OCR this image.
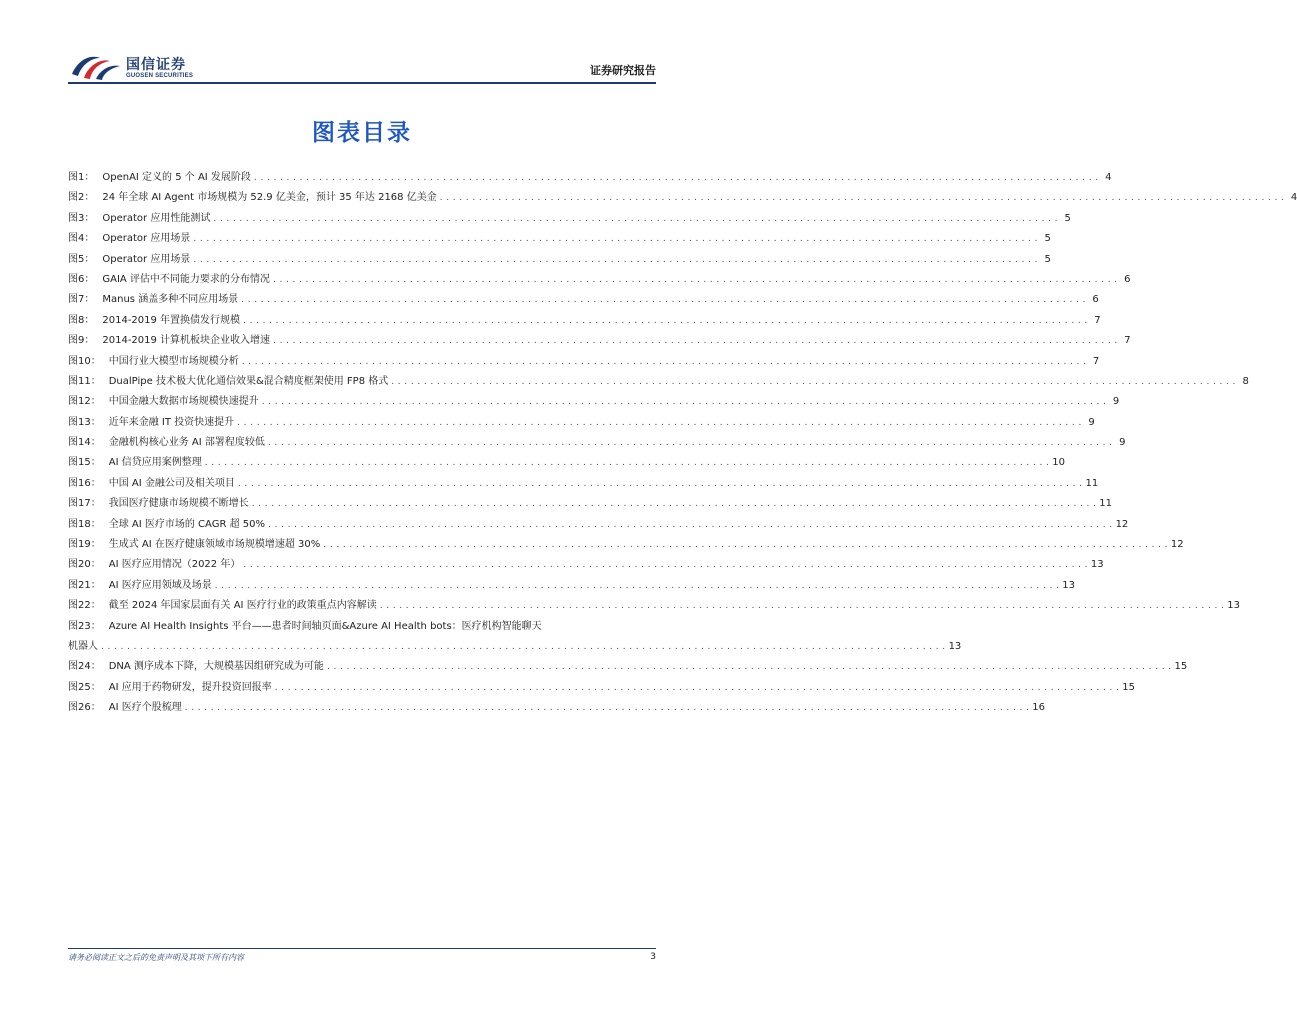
国信证券
GUOSEN SECURITIES	证券研究报告
图表目录
图1： OpenAI 定义的 5 个 AI 发展阶段 . . .	4
图2： 24 年全球 AI Agent 市场规模为 52.9 亿美金，预计 35 年达 2168 亿美金 . . .	4
图3： Operator 应用性能测试 . . .	5
图4： Operator 应用场景 . . .	5
图5： Operator 应用场景 . . .	5
图6： GAIA 评估中不同能力要求的分布情况 . . .	6
图7： Manus 涵盖多种不同应用场景 . . .	6
图8： 2014-2019 年置换债发行规模 . . .	7
图9： 2014-2019 计算机板块企业收入增速 . . .	7
图10： 中国行业大模型市场规模分析 . . .	7
图11： DualPipe 技术极大优化通信效果&混合精度框架使用 FP8 格式 . . .	8
图12： 中国金融大数据市场规模快速提升 . . .	9
图13： 近年来金融 IT 投资快速提升 . . .	9
图14： 金融机构核心业务 AI 部署程度较低 . . .	9
图15： AI 信贷应用案例整理 . . .	10
图16： 中国 AI 金融公司及相关项目 . . .	11
图17： 我国医疗健康市场规模不断增长 . . .	11
图18： 全球 AI 医疗市场的 CAGR 超 50% . . .	12
图19： 生成式 AI 在医疗健康领域市场规模增速超 30% . . .	12
图20： AI 医疗应用情况（2022 年） . . .	13
图21： AI 医疗应用领域及场景 . . .	13
图22： 截至 2024 年国家层面有关 AI 医疗行业的政策重点内容解读 . . .	13
图23： Azure AI Health Insights 平台——患者时间轴页面&Azure AI Health bots：医疗机构智能聊天
机器人 . . .	13
图24： DNA 测序成本下降，大规模基因组研究成为可能 . . .	15
图25： AI 应用于药物研发，提升投资回报率 . . .	15
图26： AI 医疗个股梳理 . . .	16
请务必阅读正文之后的免责声明及其项下所有内容	3
